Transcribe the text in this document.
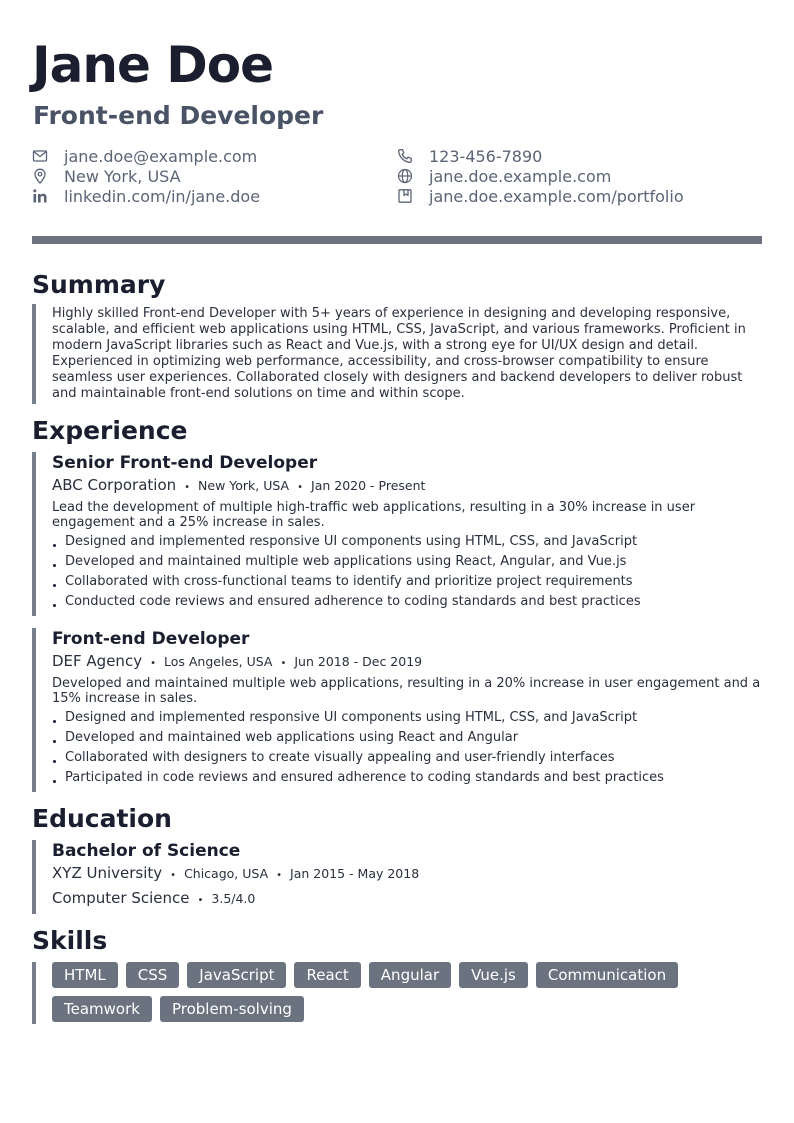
Jane Doe
Front-end Developer
jane.doe@example.com
New York, USA
linkedin.com/in/jane.doe
123-456-7890
jane.doe.example.com
jane.doe.example.com/portfolio
Summary
Highly skilled Front-end Developer with 5+ years of experience in designing and developing responsive, scalable, and efficient web applications using HTML, CSS, JavaScript, and various frameworks. Proficient in modern JavaScript libraries such as React and Vue.js, with a strong eye for UI/UX design and detail. Experienced in optimizing web performance, accessibility, and cross-browser compatibility to ensure seamless user experiences. Collaborated closely with designers and backend developers to deliver robust and maintainable front-end solutions on time and within scope.
Experience
Senior Front-end Developer
ABC Corporation • New York, USA • Jan 2020 - Present
Lead the development of multiple high-traffic web applications, resulting in a 30% increase in user engagement and a 25% increase in sales.
Designed and implemented responsive UI components using HTML, CSS, and JavaScript
Developed and maintained multiple web applications using React, Angular, and Vue.js
Collaborated with cross-functional teams to identify and prioritize project requirements
Conducted code reviews and ensured adherence to coding standards and best practices
Front-end Developer
DEF Agency • Los Angeles, USA • Jun 2018 - Dec 2019
Developed and maintained multiple web applications, resulting in a 20% increase in user engagement and a 15% increase in sales.
Designed and implemented responsive UI components using HTML, CSS, and JavaScript
Developed and maintained web applications using React and Angular
Collaborated with designers to create visually appealing and user-friendly interfaces
Participated in code reviews and ensured adherence to coding standards and best practices
Education
Bachelor of Science
XYZ University • Chicago, USA • Jan 2015 - May 2018
Computer Science • 3.5/4.0
Skills
HTML	CSS	JavaScript	React	Angular	Vue.js	Communication
Teamwork	Problem-solving
